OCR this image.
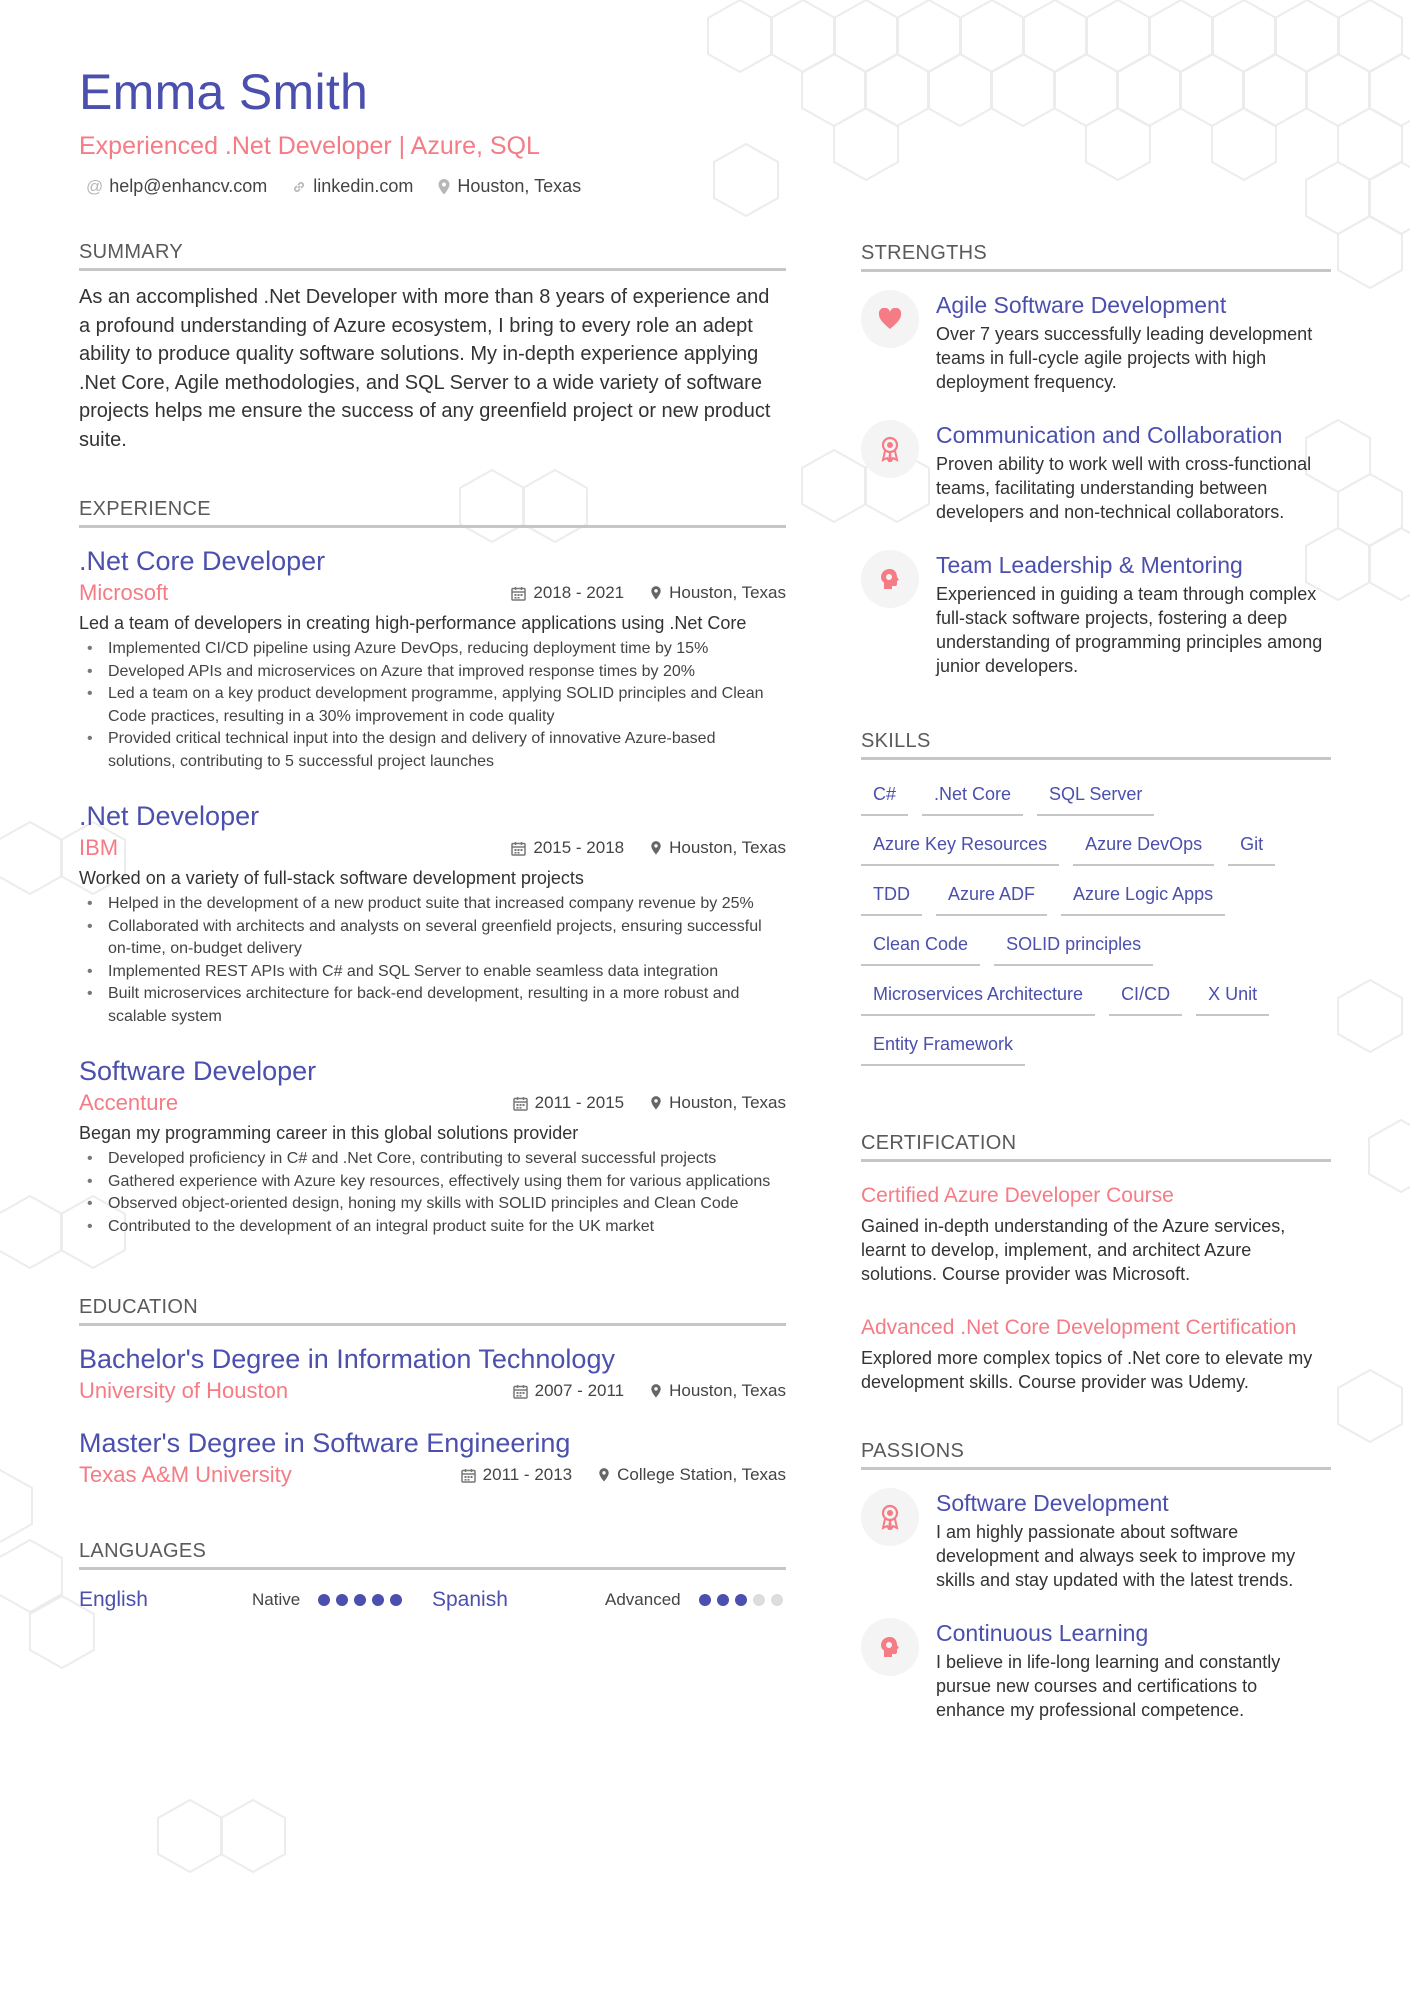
Emma Smith
Experienced .Net Developer | Azure, SQL
@ help@enhancv.com	linkedin.com Houston, Texas
SUMMARY
As an accomplished .Net Developer with more than 8 years of experience and a profound understanding of Azure ecosystem, I bring to every role an adept ability to produce quality software solutions. My in-depth experience applying .Net Core, Agile methodologies, and SQL Server to a wide variety of software projects helps me ensure the success of any greenfield project or new product suite.
EXPERIENCE
.Net Core Developer
Microsoft	2018 - 2021	Houston, Texas
Led a team of developers in creating high-performance applications using .Net Core
• Implemented CI/CD pipeline using Azure DevOps, reducing deployment time by 15%
• Developed APIs and microservices on Azure that improved response times by 20%
• Led a team on a key product development programme, applying SOLID principles and Clean Code practices, resulting in a 30% improvement in code quality
• Provided critical technical input into the design and delivery of innovative Azure-based solutions, contributing to 5 successful project launches
.Net Developer
IBM	2015 - 2018	Houston, Texas
Worked on a variety of full-stack software development projects
• Helped in the development of a new product suite that increased company revenue by 25%
• Collaborated with architects and analysts on several greenfield projects, ensuring successful on-time, on-budget delivery
• Implemented REST APIs with C# and SQL Server to enable seamless data integration
• Built microservices architecture for back-end development, resulting in a more robust and scalable system
Software Developer
Accenture	2011 - 2015	Houston, Texas
Began my programming career in this global solutions provider
• Developed proficiency in C# and .Net Core, contributing to several successful projects
• Gathered experience with Azure key resources, effectively using them for various applications
• Observed object-oriented design, honing my skills with SOLID principles and Clean Code
• Contributed to the development of an integral product suite for the UK market
EDUCATION
Bachelor's Degree in Information Technology
University of Houston	2007 - 2011	Houston, Texas
Master's Degree in Software Engineering
Texas A&M University	2011 - 2013	College Station, Texas
LANGUAGES
English	Native	Spanish	Advanced
STRENGTHS
Agile Software Development
Over 7 years successfully leading development teams in full-cycle agile projects with high deployment frequency.
Communication and Collaboration
Proven ability to work well with cross-functional teams, facilitating understanding between developers and non-technical collaborators.
Team Leadership & Mentoring
Experienced in guiding a team through complex full-stack software projects, fostering a deep understanding of programming principles among junior developers.
SKILLS
C#	.Net Core	SQL Server
Azure Key Resources	Azure DevOps	Git
TDD	Azure ADF	Azure Logic Apps
Clean Code	SOLID principles
Microservices Architecture	CI/CD	X Unit
Entity Framework
CERTIFICATION
Certified Azure Developer Course
Gained in-depth understanding of the Azure services, learnt to develop, implement, and architect Azure solutions. Course provider was Microsoft.
Advanced .Net Core Development Certification
Explored more complex topics of .Net core to elevate my development skills. Course provider was Udemy.
PASSIONS
Software Development
I am highly passionate about software development and always seek to improve my skills and stay updated with the latest trends.
Continuous Learning
I believe in life-long learning and constantly pursue new courses and certifications to enhance my professional competence.
